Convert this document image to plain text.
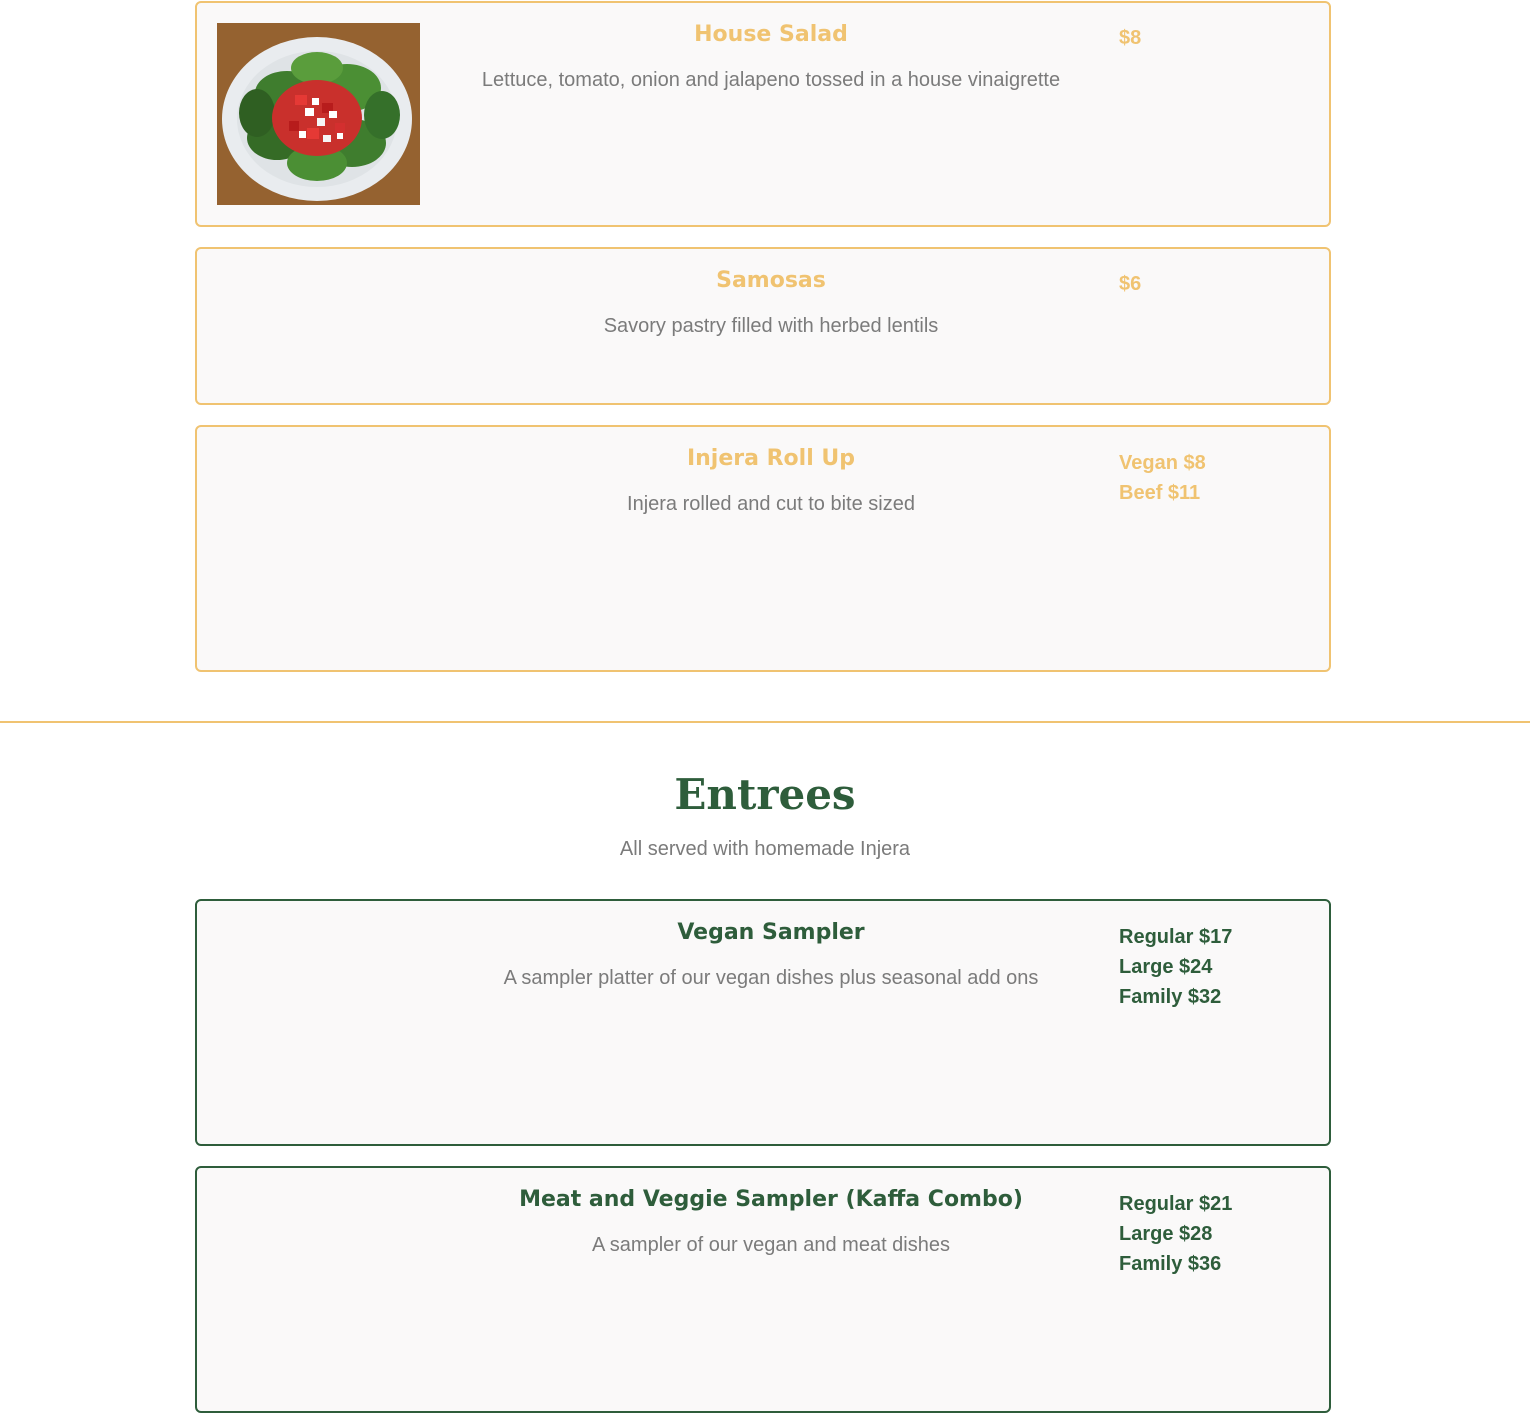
House Salad

Lettuce, tomato, onion and jalapeno tossed in a house vinaigrette

$8
Samosas

Savory pastry filled with herbed lentils

$6
Injera Roll Up

Injera rolled and cut to bite sized

Vegan $8
Beef $11
Entrees

All served with homemade Injera

Vegan Sampler

A sampler platter of our vegan dishes plus seasonal add ons

Regular $17
Large $24
Family $32
Meat and Veggie Sampler (Kaffa Combo)

A sampler of our vegan and meat dishes

Regular $21
Large $28
Family $36
